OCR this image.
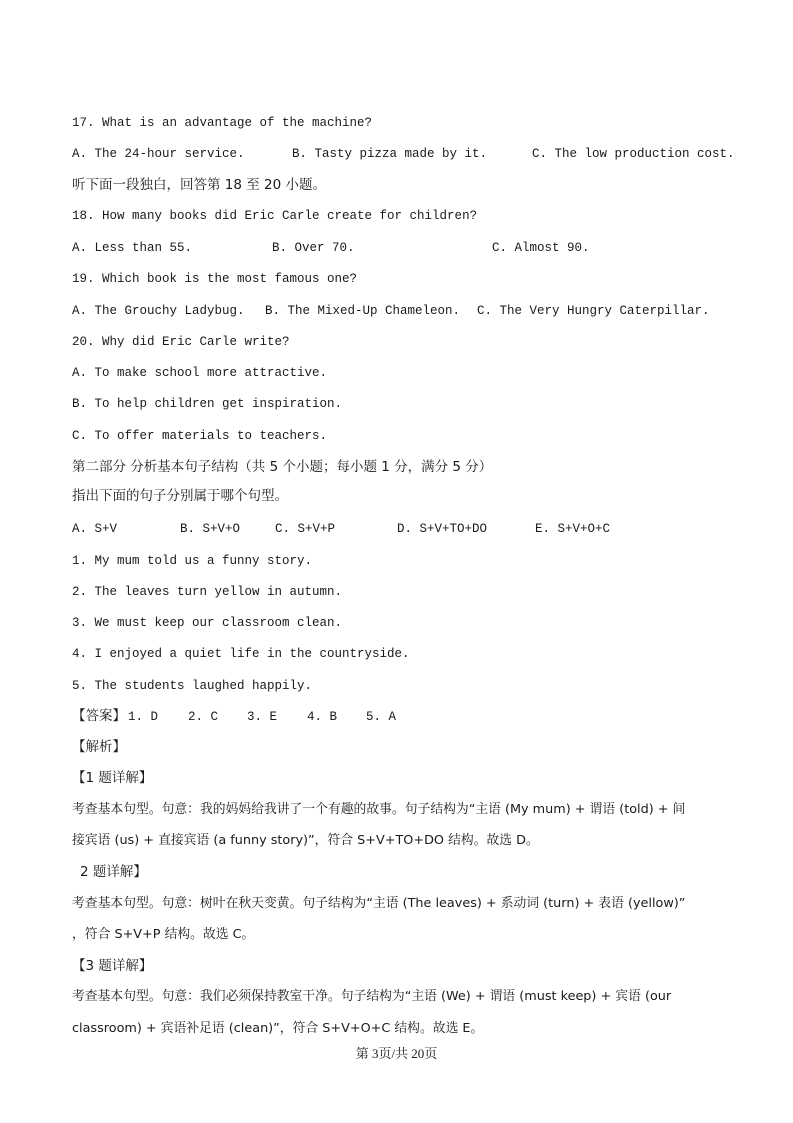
17. What is an advantage of the machine?
A. The 24-hour service.	B. Tasty pizza made by it.	C. The low production cost.
听下面一段独白，回答第 18 至 20 小题。
18. How many books did Eric Carle create for children?
A. Less than 55.	B. Over 70.	C. Almost 90.
19. Which book is the most famous one?
A. The Grouchy Ladybug. B. The Mixed-Up Chameleon. C. The Very Hungry Caterpillar.
20. Why did Eric Carle write?
A. To make school more attractive.
B. To help children get inspiration.
C. To offer materials to teachers.
第二部分 分析基本句子结构（共 5 个小题；每小题 1 分，满分 5 分）
指出下面的句子分别属于哪个句型。
A. S+V	B. S+V+O	C. S+V+P	D. S+V+TO+DO	E. S+V+O+C
1. My mum told us a funny story.
2. The leaves turn yellow in autumn.
3. We must keep our classroom clean.
4. I enjoyed a quiet life in the countryside.
5. The students laughed happily.
【答案】 1. D 2. C 3. E 4. B 5. A
【解析】
【1 题详解】
考查基本句型。句意：我的妈妈给我讲了一个有趣的故事。句子结构为“主语 (My mum) + 谓语 (told) + 间
接宾语 (us) + 直接宾语 (a funny story)”，符合 S+V+TO+DO 结构。故选 D。
2 题详解】
考查基本句型。句意：树叶在秋天变黄。句子结构为“主语 (The leaves) + 系动词 (turn) + 表语 (yellow)”
，符合 S+V+P 结构。故选 C。
【3 题详解】
考查基本句型。句意：我们必须保持教室干净。句子结构为“主语 (We) + 谓语 (must keep) + 宾语 (our
classroom) + 宾语补足语 (clean)”，符合 S+V+O+C 结构。故选 E。
第 3页/共 20页
